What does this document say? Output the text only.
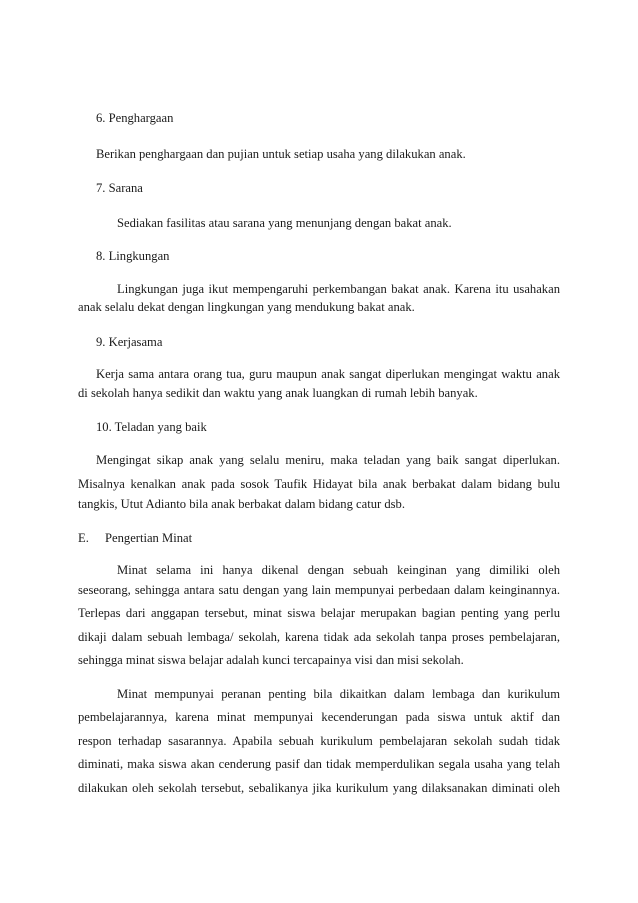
6. Penghargaan

Berikan penghargaan dan pujian untuk setiap usaha yang dilakukan anak.

7. Sarana

Sediakan fasilitas atau sarana yang menunjang dengan bakat anak.

8. Lingkungan

Lingkungan juga ikut mempengaruhi perkembangan bakat anak. Karena itu usahakan

anak selalu dekat dengan lingkungan yang mendukung bakat anak.

9. Kerjasama

Kerja sama antara orang tua, guru maupun anak sangat diperlukan mengingat waktu anak

di sekolah hanya sedikit dan waktu yang anak luangkan di rumah lebih banyak.

10. Teladan yang baik

Mengingat sikap anak yang selalu meniru, maka teladan yang baik sangat diperlukan.

Misalnya kenalkan anak pada sosok Taufik Hidayat bila anak berbakat dalam bidang bulu

tangkis, Utut Adianto bila anak berbakat dalam bidang catur dsb.

E. Pengertian Minat

Minat selama ini hanya dikenal dengan sebuah keinginan yang dimiliki oleh

seseorang, sehingga antara satu dengan yang lain mempunyai perbedaan dalam keinginannya.

Terlepas dari anggapan tersebut, minat siswa belajar merupakan bagian penting yang perlu

dikaji dalam sebuah lembaga/ sekolah, karena tidak ada sekolah tanpa proses pembelajaran,

sehingga minat siswa belajar adalah kunci tercapainya visi dan misi sekolah.

Minat mempunyai peranan penting bila dikaitkan dalam lembaga dan kurikulum

pembelajarannya, karena minat mempunyai kecenderungan pada siswa untuk aktif dan

respon terhadap sasarannya. Apabila sebuah kurikulum pembelajaran sekolah sudah tidak

diminati, maka siswa akan cenderung pasif dan tidak memperdulikan segala usaha yang telah

dilakukan oleh sekolah tersebut, sebalikanya jika kurikulum yang dilaksanakan diminati oleh
